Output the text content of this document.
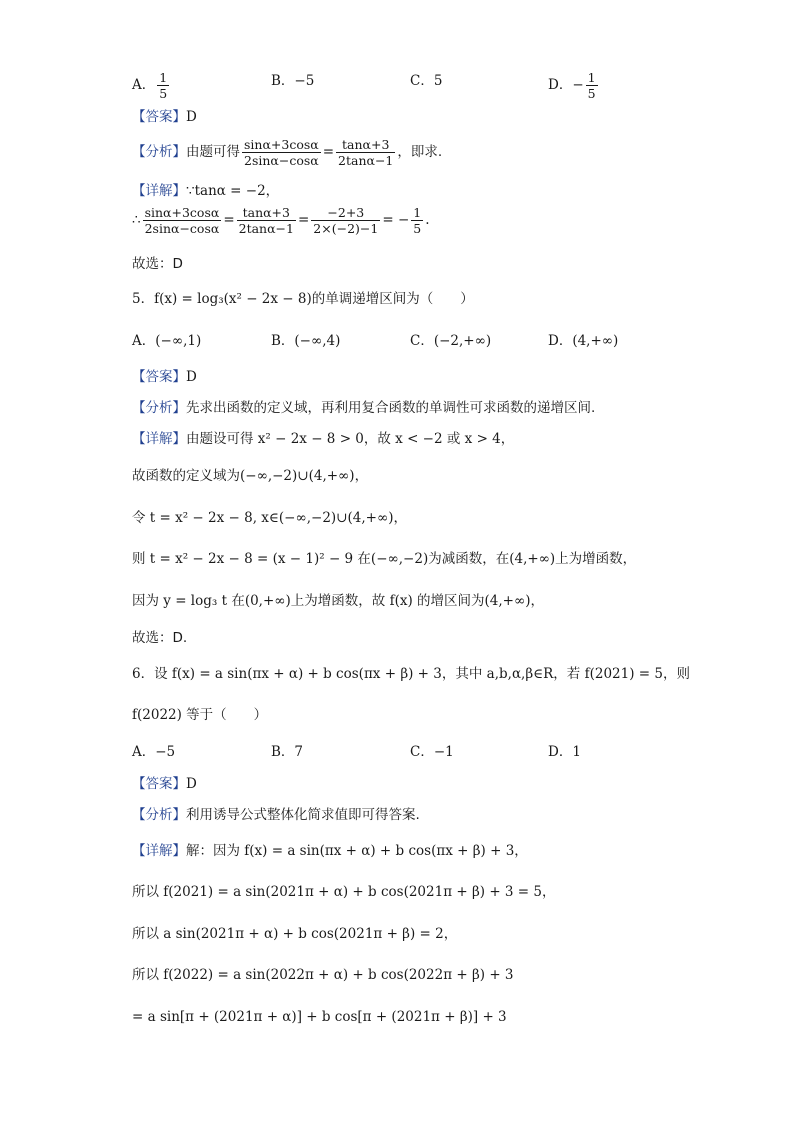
A． $\frac{1}{5}$	B．−5	C．5	D．− $\frac{1}{5}$
【答案】D
【分析】由题可得 $\frac{\sin\alpha+3\cos\alpha}{2\sin\alpha-\cos\alpha} = \frac{\tan\alpha+3}{2\tan\alpha-1}$ ，即求.
【详解】∵tanα = −2，
∴ $\frac{\sin\alpha+3\cos\alpha}{2\sin\alpha-\cos\alpha} = \frac{\tan\alpha+3}{2\tan\alpha-1} = \frac{-2+3}{2\times(-2)-1}$ = − $\frac{1}{5}$ .
故选：D
5．f(x) = log₃(x² − 2x − 8)的单调递增区间为（　　）
A．(−∞,1)	B．(−∞,4)	C．(−2,+∞)	D．(4,+∞)
【答案】D
【分析】先求出函数的定义域，再利用复合函数的单调性可求函数的递增区间.
【详解】由题设可得 x² − 2x − 8 > 0，故 x < −2 或 x > 4，
故函数的定义域为(−∞,−2)∪(4,+∞)，
令 t = x² − 2x − 8, x∈(−∞,−2)∪(4,+∞)，
则 t = x² − 2x − 8 = (x − 1)² − 9 在(−∞,−2)为减函数，在(4,+∞)上为增函数，
因为 y = log₃ t 在(0,+∞)上为增函数，故 f(x) 的增区间为(4,+∞)，
故选：D.
6．设 f(x) = a sin(πx + α) + b cos(πx + β) + 3，其中 a,b,α,β∈R，若 f(2021) = 5，则
f(2022) 等于（　　）
A．−5	B．7	C．−1	D．1
【答案】D
【分析】利用诱导公式整体化简求值即可得答案.
【详解】解：因为 f(x) = a sin(πx + α) + b cos(πx + β) + 3，
所以 f(2021) = a sin(2021π + α) + b cos(2021π + β) + 3 = 5，
所以 a sin(2021π + α) + b cos(2021π + β) = 2，
所以 f(2022) = a sin(2022π + α) + b cos(2022π + β) + 3
= a sin[π + (2021π + α)] + b cos[π + (2021π + β)] + 3
